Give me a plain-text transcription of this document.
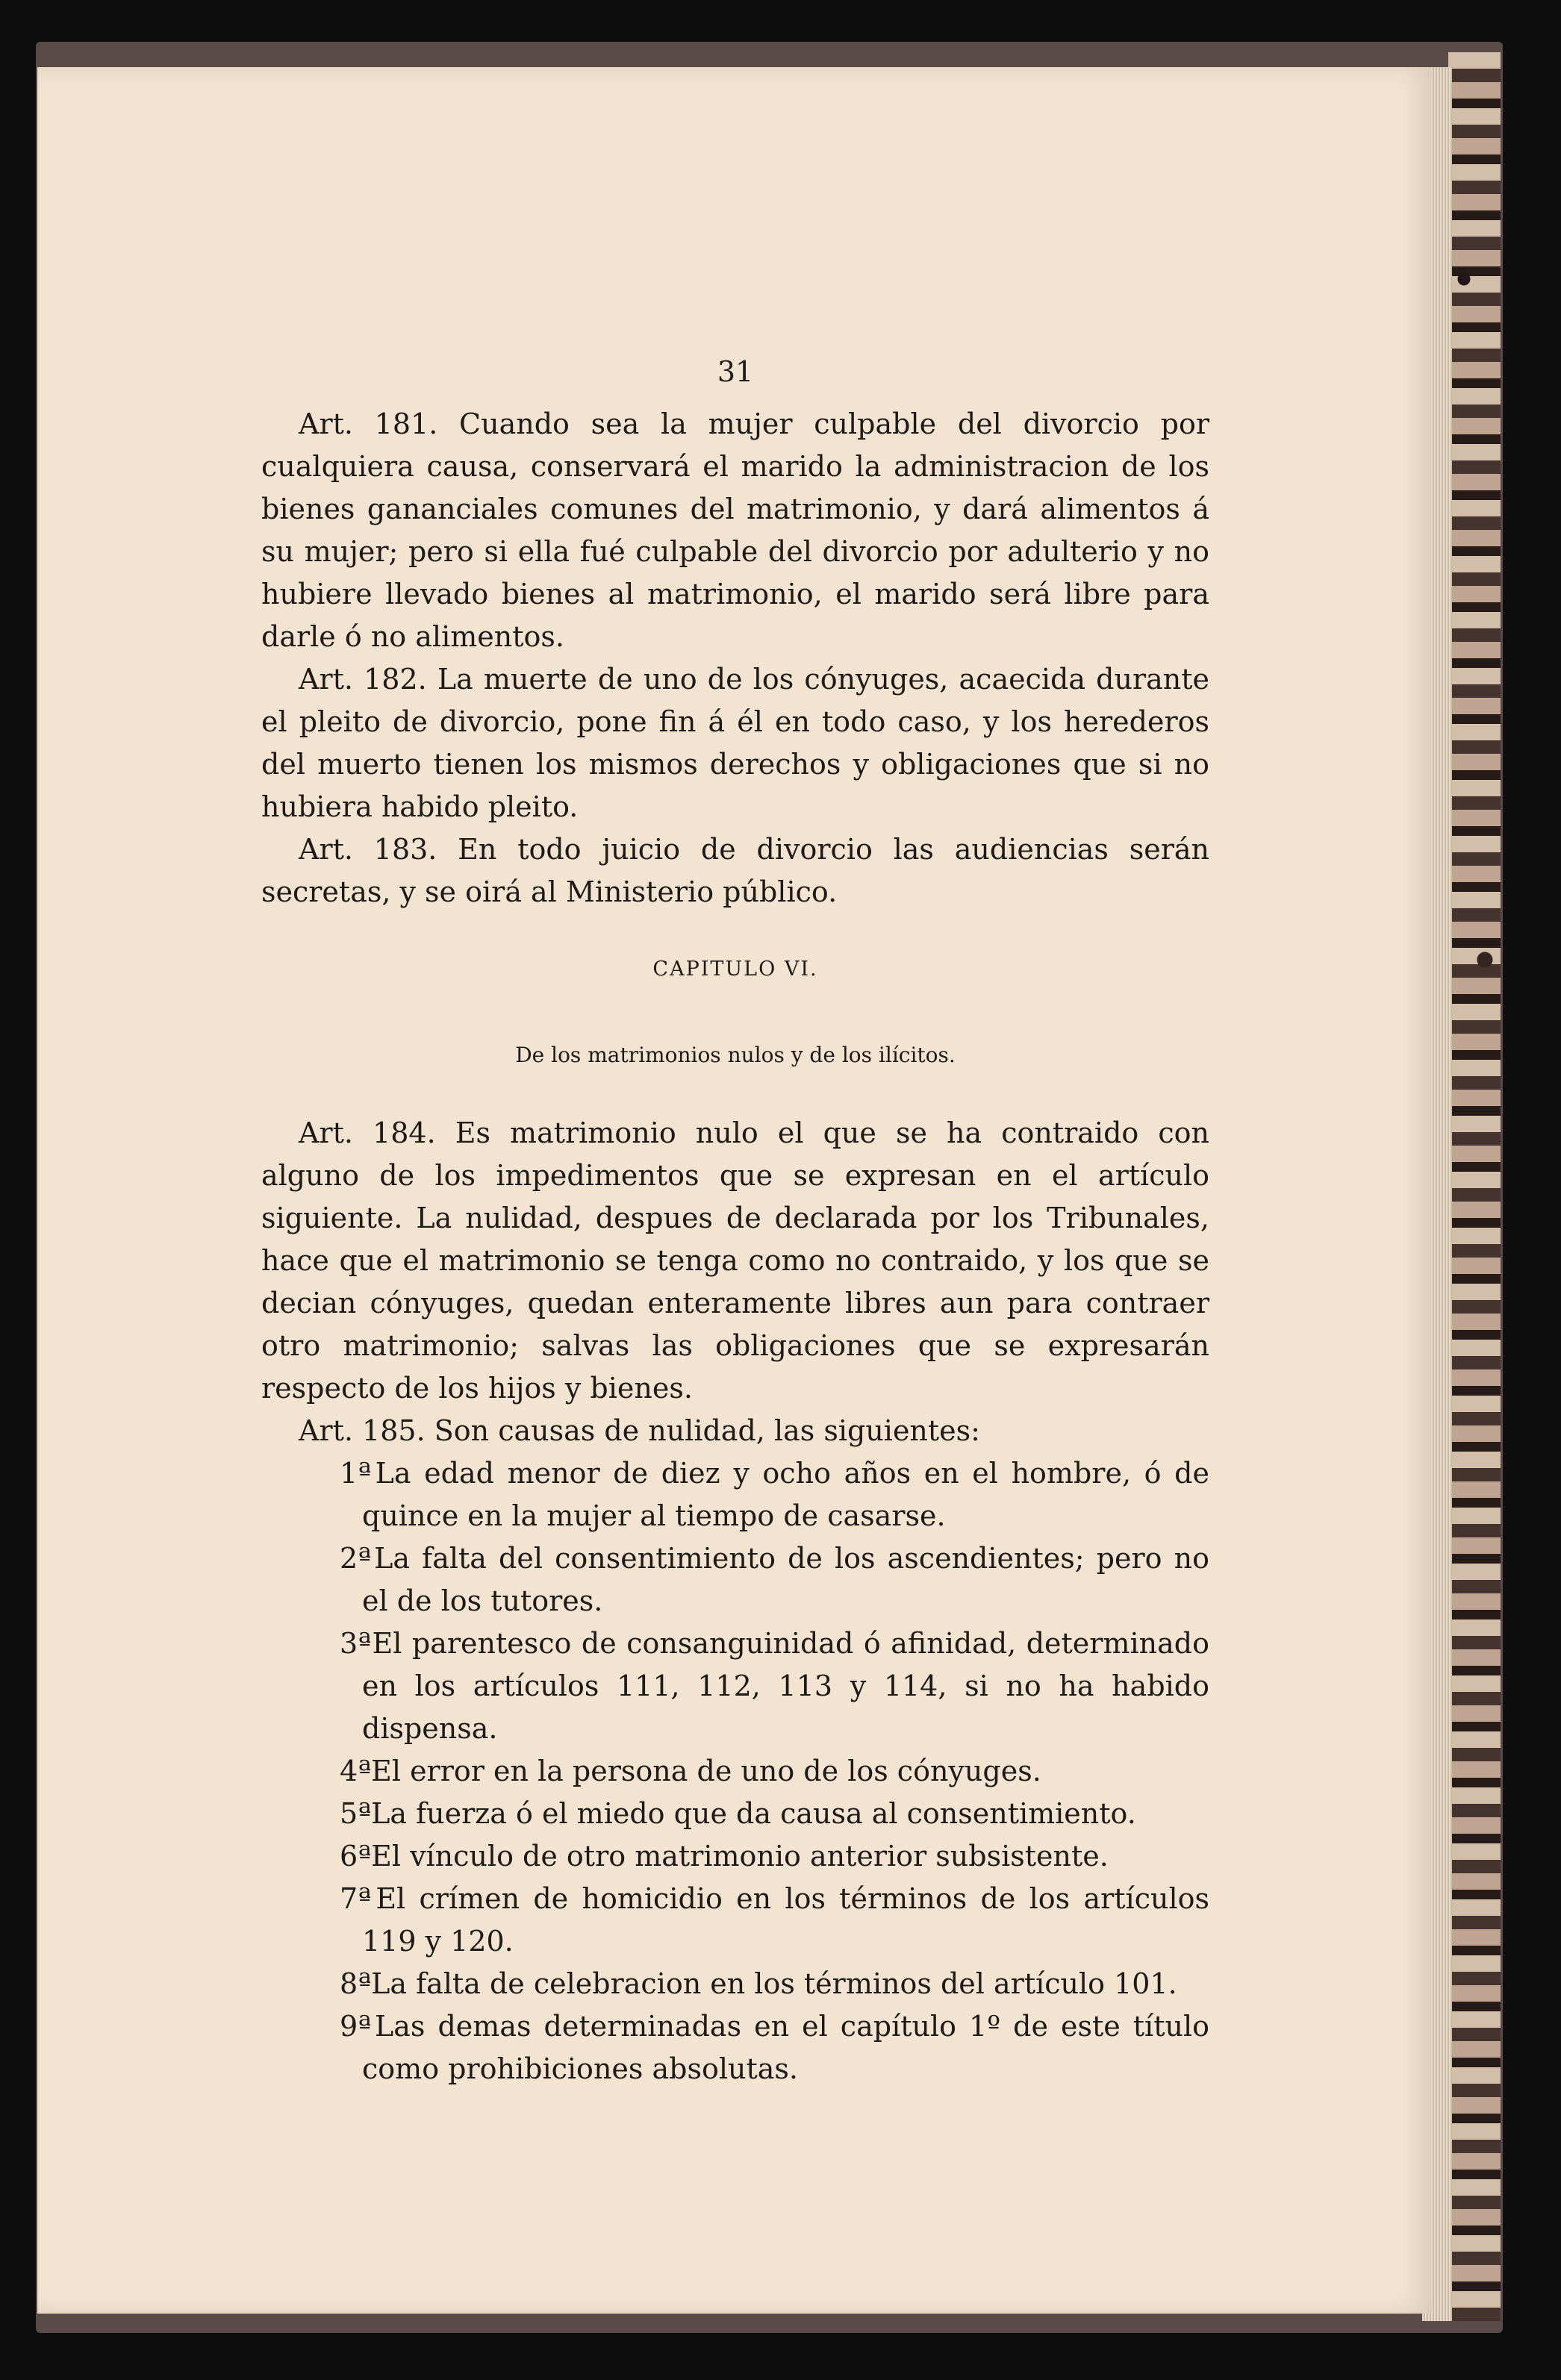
31

Art. 181. Cuando sea la mujer culpable del divorcio por cualquiera causa, conservará el marido la administracion de los bienes gananciales comunes del matrimonio, y dará alimentos á su mujer; pero si ella fué culpable del divorcio por adulterio y no hubiere llevado bienes al matrimonio, el marido será libre para darle ó no alimentos.

Art. 182. La muerte de uno de los cónyuges, acaecida durante el pleito de divorcio, pone fin á él en todo caso, y los herederos del muerto tienen los mismos derechos y obligaciones que si no hubiera habido pleito.

Art. 183. En todo juicio de divorcio las audiencias serán secretas, y se oirá al Ministerio público.

CAPITULO VI.
De los matrimonios nulos y de los ilícitos.

Art. 184. Es matrimonio nulo el que se ha contraido con alguno de los impedimentos que se expresan en el artículo siguiente. La nulidad, despues de declarada por los Tribunales, hace que el matrimonio se tenga como no contraido, y los que se decian cónyuges, quedan enteramente libres aun para contraer otro matrimonio; salvas las obligaciones que se expresarán respecto de los hijos y bienes.

Art. 185. Son causas de nulidad, las siguientes:

1ª La edad menor de diez y ocho años en el hombre, ó de quince en la mujer al tiempo de casarse.
2ª La falta del consentimiento de los ascendientes; pero no el de los tutores.
3ª El parentesco de consanguinidad ó afinidad, determinado en los artículos 111, 112, 113 y 114, si no ha habido dispensa.
4ª El error en la persona de uno de los cónyuges.
5ª La fuerza ó el miedo que da causa al consentimiento.
6ª El vínculo de otro matrimonio anterior subsistente.
7ª El crímen de homicidio en los términos de los artículos 119 y 120.
8ª La falta de celebracion en los términos del artículo 101.
9ª Las demas determinadas en el capítulo 1º de este título como prohibiciones absolutas.
